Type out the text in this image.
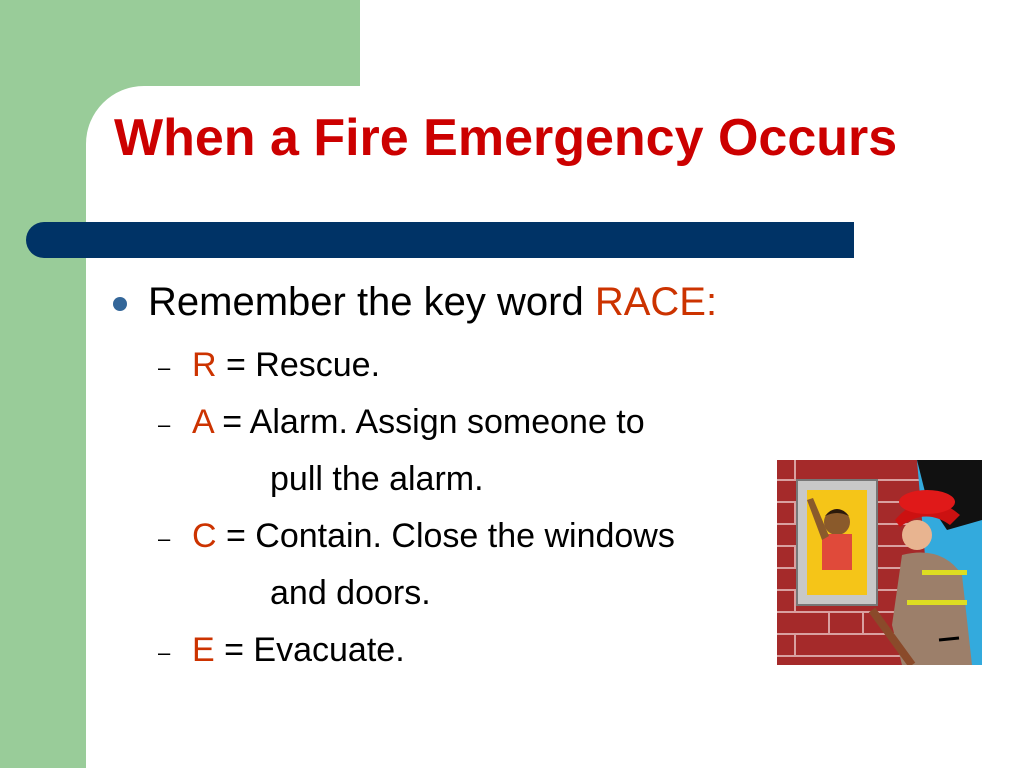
When a Fire Emergency Occurs
Remember the key word RACE:
– R = Rescue.
– A = Alarm. Assign someone to
pull the alarm.
– C = Contain. Close the windows
and doors.
– E = Evacuate.
